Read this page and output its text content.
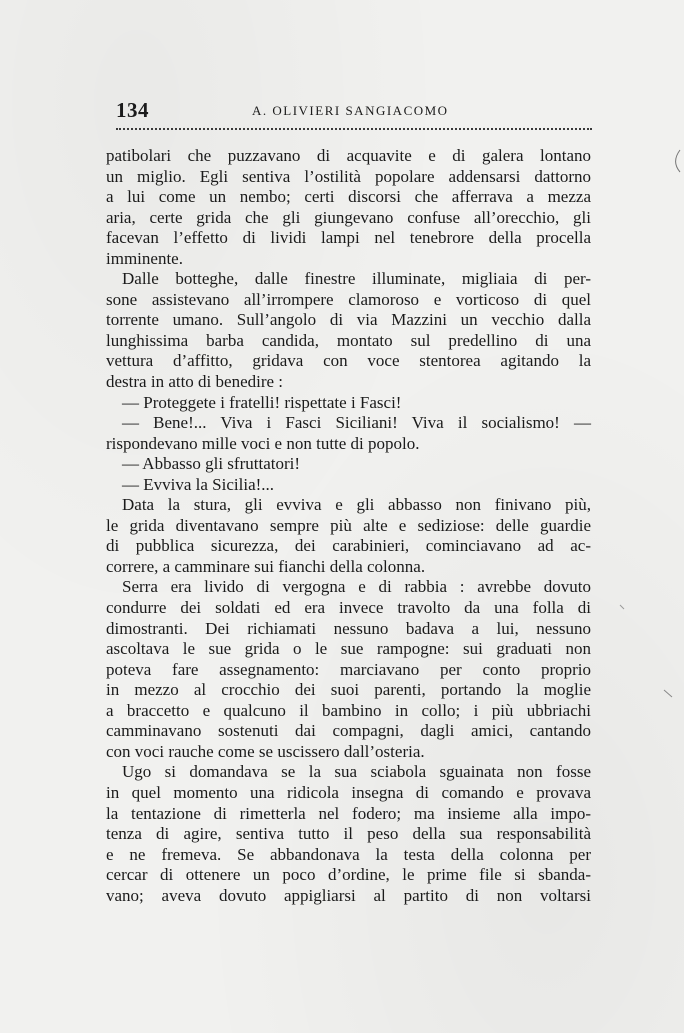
134	A. OLIVIERI SANGIACOMO
patibolari che puzzavano di acquavite e di galera lontano
un miglio. Egli sentiva l’ostilità popolare addensarsi dattorno
a lui come un nembo; certi discorsi che afferrava a mezza
aria, certe grida che gli giungevano confuse all’orecchio, gli
facevan l’effetto di lividi lampi nel tenebrore della procella
imminente.
Dalle botteghe, dalle finestre illuminate, migliaia di per-
sone assistevano all’irrompere clamoroso e vorticoso di quel
torrente umano. Sull’angolo di via Mazzini un vecchio dalla
lunghissima barba candida, montato sul predellino di una
vettura d’affitto, gridava con voce stentorea agitando la
destra in atto di benedire :
— Proteggete i fratelli! rispettate i Fasci!
— Bene!... Viva i Fasci Siciliani! Viva il socialismo! —
rispondevano mille voci e non tutte di popolo.
— Abbasso gli sfruttatori!
— Evviva la Sicilia!...
Data la stura, gli evviva e gli abbasso non finivano più,
le grida diventavano sempre più alte e sediziose: delle guardie
di pubblica sicurezza, dei carabinieri, cominciavano ad ac-
correre, a camminare sui fianchi della colonna.
Serra era livido di vergogna e di rabbia : avrebbe dovuto
condurre dei soldati ed era invece travolto da una folla di
dimostranti. Dei richiamati nessuno badava a lui, nessuno
ascoltava le sue grida o le sue rampogne: sui graduati non
poteva fare assegnamento: marciavano per conto proprio
in mezzo al crocchio dei suoi parenti, portando la moglie
a braccetto e qualcuno il bambino in collo; i più ubbriachi
camminavano sostenuti dai compagni, dagli amici, cantando
con voci rauche come se uscissero dall’osteria.
Ugo si domandava se la sua sciabola sguainata non fosse
in quel momento una ridicola insegna di comando e provava
la tentazione di rimetterla nel fodero; ma insieme alla impo-
tenza di agire, sentiva tutto il peso della sua responsabilità
e ne fremeva. Se abbandonava la testa della colonna per
cercar di ottenere un poco d’ordine, le prime file si sbanda-
vano; aveva dovuto appigliarsi al partito di non voltarsi
